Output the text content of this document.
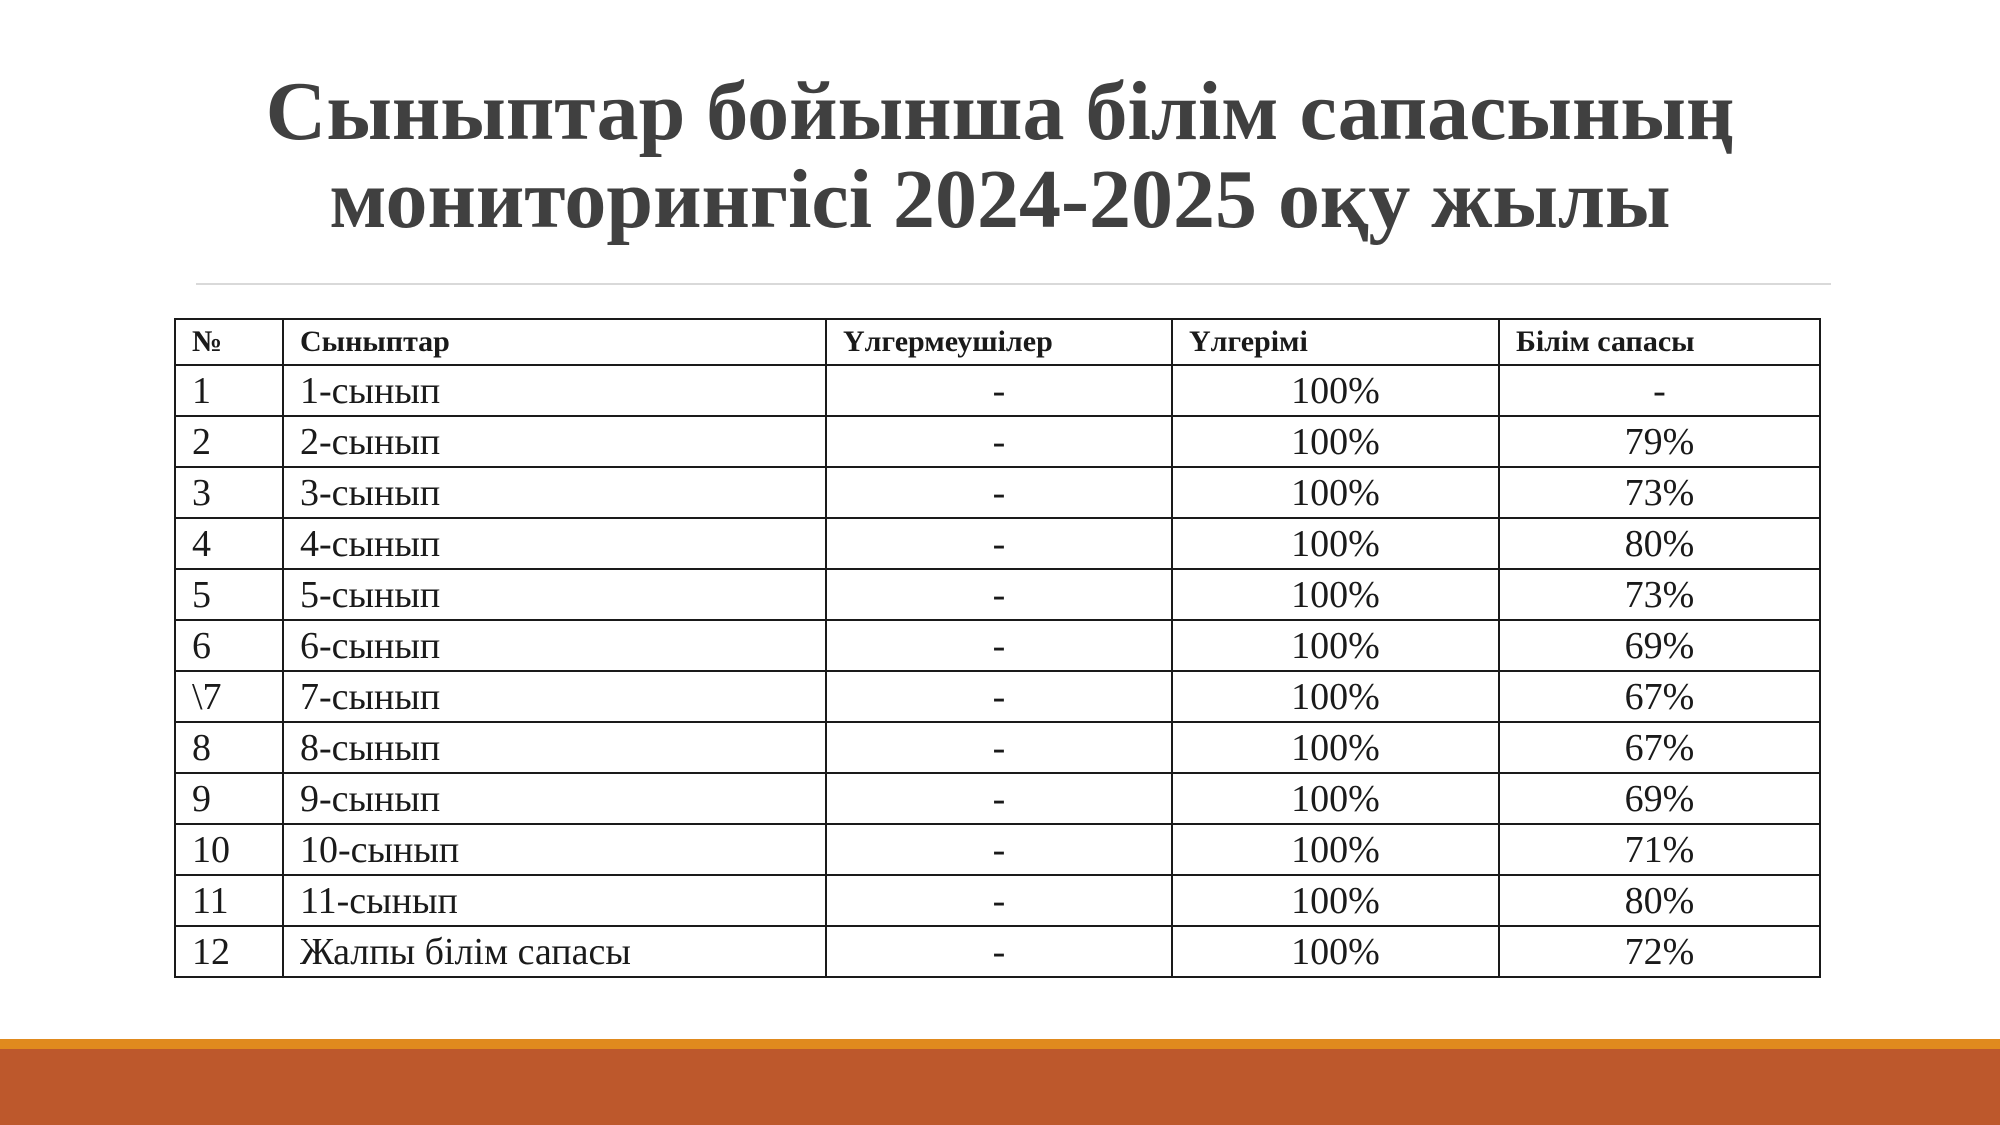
Сыныптар бойынша білім сапасының
мониторингісі 2024-2025 оқу жылы
№	Сыныптар	Үлгермеушілер	Үлгерімі	Білім сапасы
1	1-сынып	-	100%	-
2	2-сынып	-	100%	79%
3	3-сынып	-	100%	73%
4	4-сынып	-	100%	80%
5	5-сынып	-	100%	73%
6	6-сынып	-	100%	69%
\7	7-сынып	-	100%	67%
8	8-сынып	-	100%	67%
9	9-сынып	-	100%	69%
10	10-сынып	-	100%	71%
11	11-сынып	-	100%	80%
12	Жалпы білім сапасы	-	100%	72%
